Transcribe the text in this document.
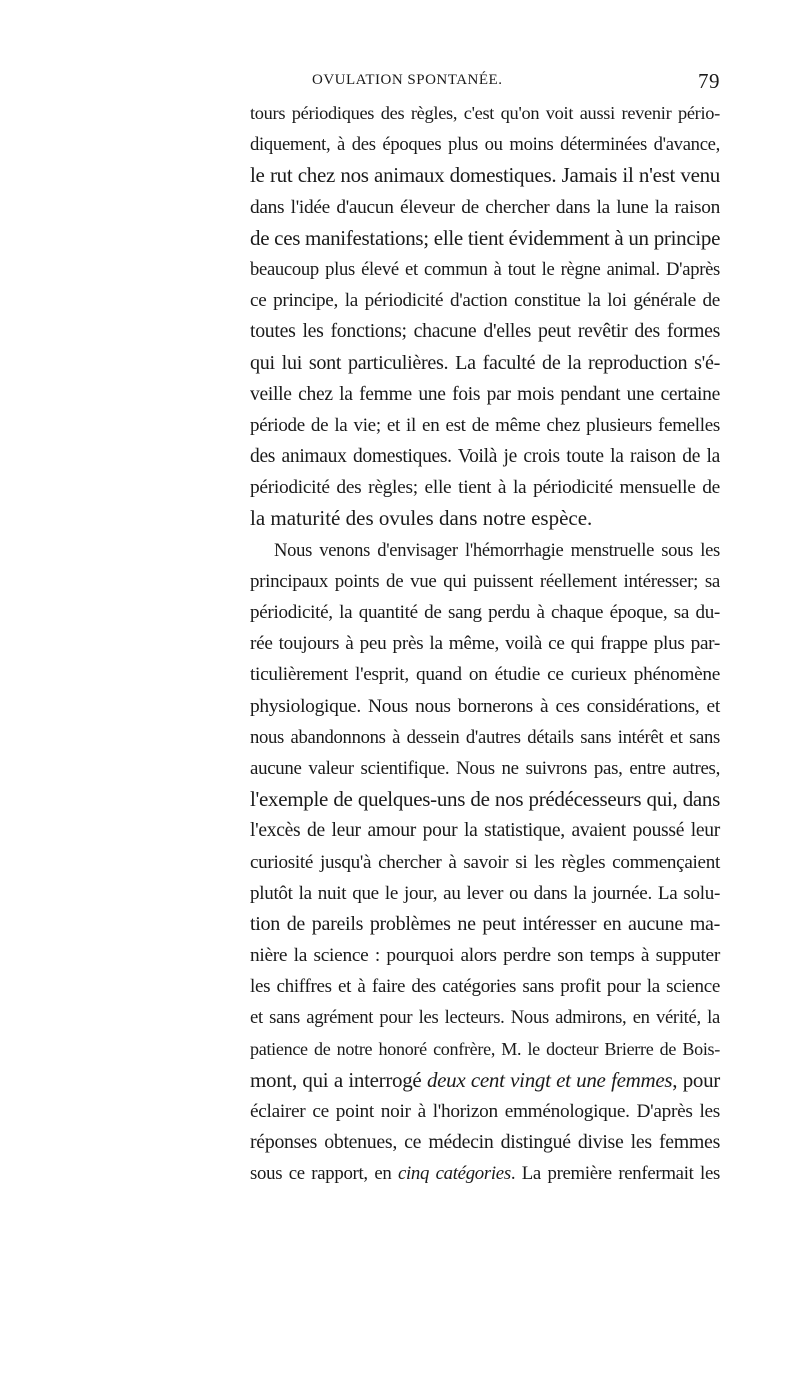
OVULATION SPONTANÉE.	79
tours périodiques des règles, c'est qu'on voit aussi revenir pério-
diquement, à des époques plus ou moins déterminées d'avance,
le rut chez nos animaux domestiques. Jamais il n'est venu
dans l'idée d'aucun éleveur de chercher dans la lune la raison
de ces manifestations; elle tient évidemment à un principe
beaucoup plus élevé et commun à tout le règne animal. D'après
ce principe, la périodicité d'action constitue la loi générale de
toutes les fonctions; chacune d'elles peut revêtir des formes
qui lui sont particulières. La faculté de la reproduction s'é-
veille chez la femme une fois par mois pendant une certaine
période de la vie; et il en est de même chez plusieurs femelles
des animaux domestiques. Voilà je crois toute la raison de la
périodicité des règles; elle tient à la périodicité mensuelle de
la maturité des ovules dans notre espèce.
Nous venons d'envisager l'hémorrhagie menstruelle sous les
principaux points de vue qui puissent réellement intéresser; sa
périodicité, la quantité de sang perdu à chaque époque, sa du-
rée toujours à peu près la même, voilà ce qui frappe plus par-
ticulièrement l'esprit, quand on étudie ce curieux phénomène
physiologique. Nous nous bornerons à ces considérations, et
nous abandonnons à dessein d'autres détails sans intérêt et sans
aucune valeur scientifique. Nous ne suivrons pas, entre autres,
l'exemple de quelques-uns de nos prédécesseurs qui, dans
l'excès de leur amour pour la statistique, avaient poussé leur
curiosité jusqu'à chercher à savoir si les règles commençaient
plutôt la nuit que le jour, au lever ou dans la journée. La solu-
tion de pareils problèmes ne peut intéresser en aucune ma-
nière la science : pourquoi alors perdre son temps à supputer
les chiffres et à faire des catégories sans profit pour la science
et sans agrément pour les lecteurs. Nous admirons, en vérité, la
patience de notre honoré confrère, M. le docteur Brierre de Bois-
mont, qui a interrogé deux cent vingt et une femmes, pour
éclairer ce point noir à l'horizon emménologique. D'après les
réponses obtenues, ce médecin distingué divise les femmes
sous ce rapport, en cinq catégories. La première renfermait les
